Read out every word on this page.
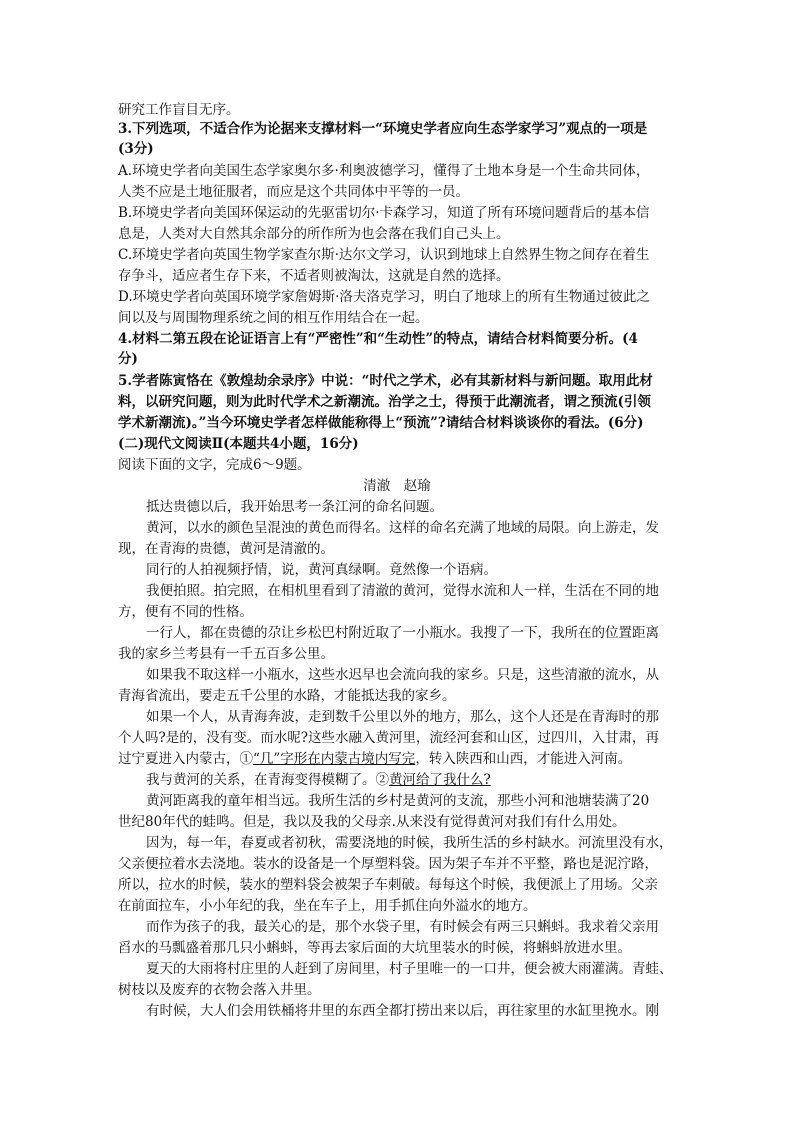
研究工作盲目无序。
3.下列选项，不适合作为论据来支撑材料一“环境史学者应向生态学家学习”观点的一项是
(3分)
A.环境史学者向美国生态学家奥尔多·利奥波德学习，懂得了土地本身是一个生命共同体，
人类不应是土地征服者，而应是这个共同体中平等的一员。
B.环境史学者向美国环保运动的先驱雷切尔·卡森学习，知道了所有环境问题背后的基本信
息是，人类对大自然其余部分的所作所为也会落在我们自己头上。
C.环境史学者向英国生物学家查尔斯·达尔文学习，认识到地球上自然界生物之间存在着生
存争斗，适应者生存下来，不适者则被淘汰，这就是自然的选择。
D.环境史学者向英国环境学家詹姆斯·洛夫洛克学习，明白了地球上的所有生物通过彼此之
间以及与周围物理系统之间的相互作用结合在一起。
4.材料二第五段在论证语言上有“严密性”和“生动性”的特点，请结合材料简要分析。(4
分)
5.学者陈寅恪在《敦煌劫余录序》中说：“时代之学术，必有其新材料与新问题。取用此材
料，以研究问题，则为此时代学术之新潮流。治学之士，得预于此潮流者，谓之预流(引领
学术新潮流)。”当今环境史学者怎样做能称得上“预流”?请结合材料谈谈你的看法。(6分)
(二)现代文阅读Ⅱ(本题共4小题，16分)
阅读下面的文字，完成6～9题。
清澈　赵瑜
抵达贵德以后，我开始思考一条江河的命名问题。
黄河，以水的颜色呈混浊的黄色而得名。这样的命名充满了地域的局限。向上游走，发
现，在青海的贵德，黄河是清澈的。
同行的人拍视频抒情，说，黄河真绿啊。竟然像一个语病。
我便拍照。拍完照，在相机里看到了清澈的黄河，觉得水流和人一样，生活在不同的地
方，便有不同的性格。
一行人，都在贵德的尕让乡松巴村附近取了一小瓶水。我搜了一下，我所在的位置距离
我的家乡兰考县有一千五百多公里。
如果我不取这样一小瓶水，这些水迟早也会流向我的家乡。只是，这些清澈的流水，从
青海省流出，要走五千公里的水路，才能抵达我的家乡。
如果一个人，从青海奔波，走到数千公里以外的地方，那么，这个人还是在青海时的那
个人吗?是的，没有变。而水呢?这些水融入黄河里，流经河套和山区，过四川，入甘肃，再
过宁夏进入内蒙古，①“几”字形在内蒙古境内写完，转入陕西和山西，才能进入河南。
我与黄河的关系，在青海变得模糊了。②黄河给了我什么?
黄河距离我的童年相当远。我所生活的乡村是黄河的支流，那些小河和池塘装满了20
世纪80年代的蛙鸣。但是，我以及我的父母亲.从来没有觉得黄河对我们有什么用处。
因为，每一年，春夏或者初秋，需要浇地的时候，我所生活的乡村缺水。河流里没有水，
父亲便拉着水去浇地。装水的设备是一个厚塑料袋。因为架子车并不平整，路也是泥泞路，
所以，拉水的时候，装水的塑料袋会被架子车刺破。每每这个时候，我便派上了用场。父亲
在前面拉车，小小年纪的我，坐在车子上，用手抓住向外溢水的地方。
而作为孩子的我，最关心的是，那个水袋子里，有时候会有两三只蝌蚪。我求着父亲用
舀水的马瓢盛着那几只小蝌蚪，等再去家后面的大坑里装水的时候，将蝌蚪放进水里。
夏天的大雨将村庄里的人赶到了房间里，村子里唯一的一口井，便会被大雨灌满。青蛙、
树枝以及废弃的衣物会落入井里。
有时候，大人们会用铁桶将井里的东西全都打捞出来以后，再往家里的水缸里挽水。刚
